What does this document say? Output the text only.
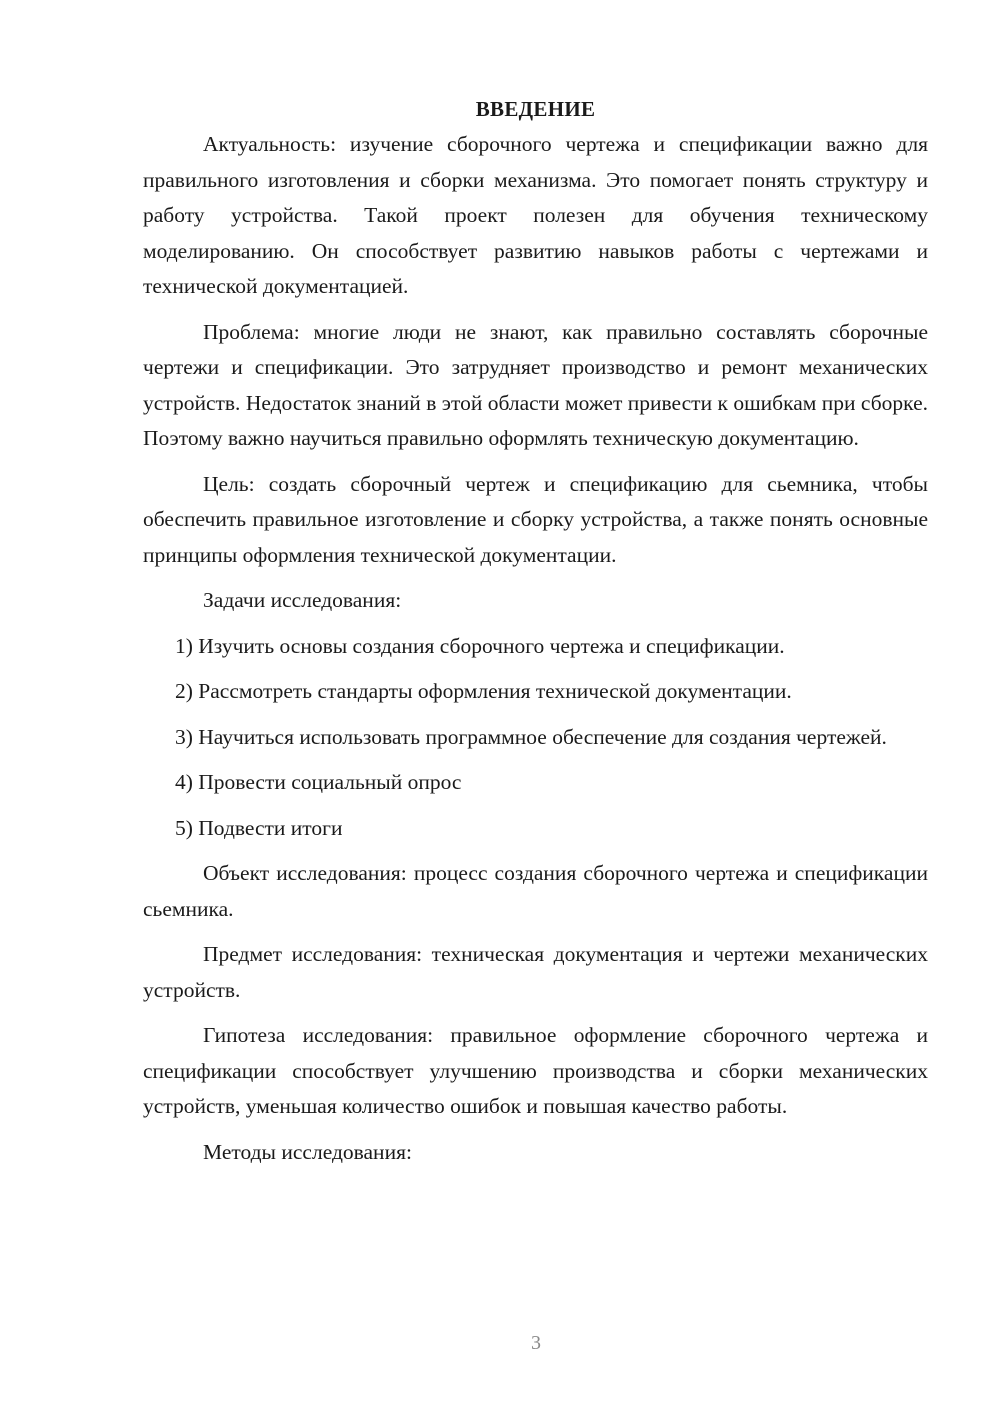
ВВЕДЕНИЕ

Актуальность: изучение сборочного чертежа и спецификации важно для правильного изготовления и сборки механизма. Это помогает понять структуру и работу устройства. Такой проект полезен для обучения техническому моделированию. Он способствует развитию навыков работы с чертежами и технической документацией.

Проблема: многие люди не знают, как правильно составлять сборочные чертежи и спецификации. Это затрудняет производство и ремонт механических устройств. Недостаток знаний в этой области может привести к ошибкам при сборке. Поэтому важно научиться правильно оформлять техническую документацию.

Цель: создать сборочный чертеж и спецификацию для сьемника, чтобы обеспечить правильное изготовление и сборку устройства, а также понять основные принципы оформления технической документации.

Задачи исследования:

1) Изучить основы создания сборочного чертежа и спецификации.

2) Рассмотреть стандарты оформления технической документации.

3) Научиться использовать программное обеспечение для создания чертежей.

4) Провести социальный опрос

5) Подвести итоги

Объект исследования: процесс создания сборочного чертежа и спецификации сьемника.

Предмет исследования: техническая документация и чертежи механических устройств.

Гипотеза исследования: правильное оформление сборочного чертежа и спецификации способствует улучшению производства и сборки механических устройств, уменьшая количество ошибок и повышая качество работы.

Методы исследования:

3
